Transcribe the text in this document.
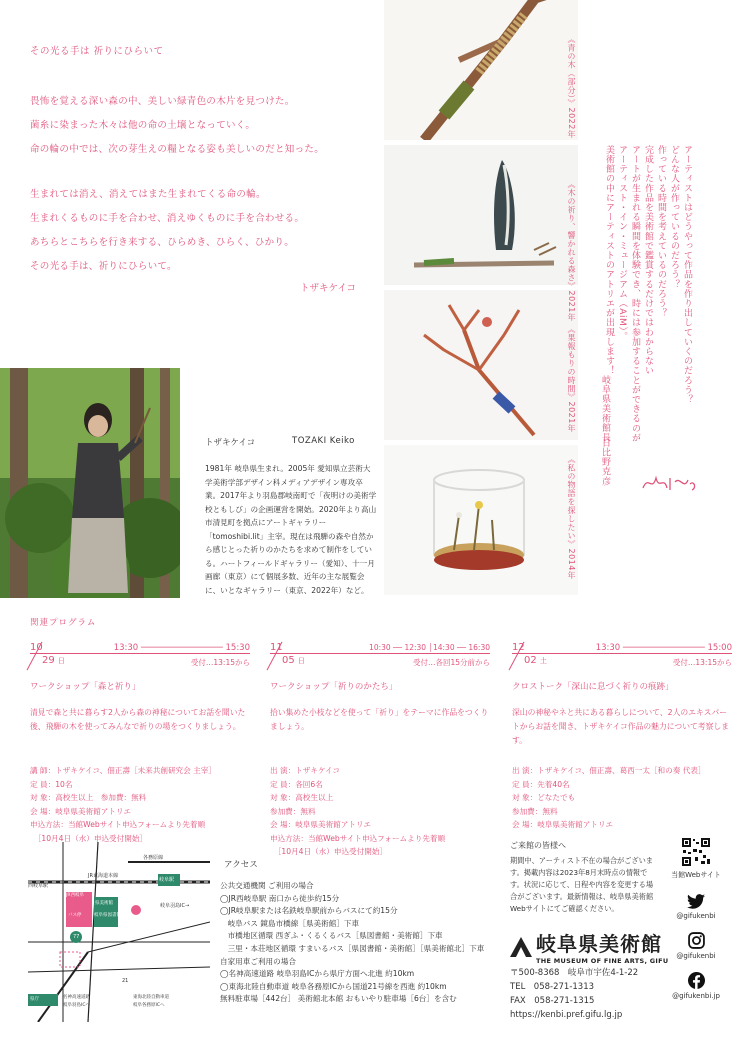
その光る手は 祈りにひらいて
畏怖を覚える深い森の中、美しい緑青色の木片を見つけた。
菌糸に染まった木々は他の命の土壌となっていく。
命の輪の中では、次の芽生えの糧となる姿も美しいのだと知った。
生まれては消え、消えてはまた生まれてくる命の輪。
生まれくるものに手を合わせ、消えゆくものに手を合わせる。
あちらとこちらを行き来する、ひらめき、ひらく、ひかり。
その光る手は、祈りにひらいて。
トザキケイコ
《青の木（部分）》2022年
《木の祈り、響かれる森さ》2021年
《果報もりの時間》2021年
《私の物語を探したい》2014年
アーティストはどうやって作品を作り出していくのだろう？
どんな人が作っているのだろう？
作っている時間を考えているのだろう？
完成した作品を美術館で鑑賞するだけではわからない
アートが生まれる瞬間を体験でき、時には参加することができるのが
アーティスト・イン・ミュージアム（AiM）。
美術館の中にアーティストのアトリエが出現します！
岐阜県美術館長
日比野克彦
トザキケイコ	TOZAKI Keiko
1981年 岐阜県生まれ。2005年 愛知県立芸術大学美術学部デザイン科メディアデザイン専攻卒業。2017年より羽島郡岐南町で「夜明けの美術学校ともしび」の企画運営を開始。2020年より高山市清見町を拠点にアートギャラリー「tomoshibi.lit」主宰。現在は飛騨の森や自然から感じとった祈りのかたちを求めて制作をしている。ハートフィールドギャラリー（愛知）、十一月画廊（東京）にて個展多数、近年の主な展覧会に、いとなギャラリー（東京、2022年）など。
関連プログラム
10
29 日
13:30 ──────────────── 15:30
受付…13:15から
ワークショップ「森と祈り」
清見で森と共に暮らす2人から森の神秘についてお話を聞いた後、飛騨の木を使ってみんなで祈りの場をつくりましょう。
講 師：トザキケイコ、佃正壽［未来共創研究会 主宰］
定 員：10名
対 象：高校生以上　参加費：無料
会 場：岐阜県美術館アトリエ
申込方法：当館Webサイト申込フォームより先着順
　［10月4日（水）申込受付開始］
11
05 日
10:30 ── 12:30 │14:30 ── 16:30
受付…各回15分前から
ワークショップ「祈りのかたち」
拾い集めた小枝などを使って「祈り」をテーマに作品をつくりましょう。
出 演：トザキケイコ
定 員：各回6名
対 象：高校生以上
参加費：無料
会 場：岐阜県美術館アトリエ
申込方法：当館Webサイト申込フォームより先着順
　［10月4日（水）申込受付開始］
12
02 土
13:30 ──────────────── 15:00
受付…13:15から
クロストーク「深山に息づく祈りの痕跡」
深山の神秘やネと共にある暮らしについて、2人のエキスパートからお話を聞き、トザキケイコ作品の魅力について考察します。
出 演：トザキケイコ、佃正壽、葛西一太［和の奏 代表］
定 員：先着40名
対 象：どなたでも
参加費：無料
会 場：岐阜県美術館アトリエ
西岐阜駅
JR東海道本線
各務原線
JR西岐阜
バス停
県美術館
岐阜県図書館
岐阜駅
岐阜羽島IC→
名神高速道路
岐阜羽島ICへ
東海北陸自動車道
岐阜各務原ICへ
県庁
21
77
アクセス
公共交通機関 ご利用の場合
◯JR西岐阜駅 南口から徒歩約15分
◯JR岐阜駅または名鉄岐阜駅前からバスにて約15分
　岐阜バス 鏡島市橋線［県美術館］下車
　市橋地区循環 西ぎふ・くるくるバス［県図書館・美術館］下車
　三里・本荘地区循環 すまいるバス［県図書館・美術館］［県美術館北］下車
自家用車ご利用の場合
◯名神高速道路 岐阜羽島ICから県庁方面へ北進 約10km
◯東海北陸自動車道 岐阜各務原ICから国道21号線を西進 約10km
無料駐車場［442台］ 美術館北本館 おもいやり駐車場［6台］を含む
ご来館の皆様へ
期間中、アーティスト不在の場合がございます。掲載内容は2023年8月末時点の情報です。状況に応じて、日程や内容を変更する場合がございます。最新情報は、岐阜県美術館Webサイトにてご確認ください。
岐阜県美術館
THE MUSEUM OF FINE ARTS, GIFU
〒500-8368　岐阜市宇佐4-1-22
TEL　058-271-1313
FAX　058-271-1315
https://kenbi.pref.gifu.lg.jp
当館Webサイト
@gifukenbi
@gifukenbi
@gifukenbi.jp
